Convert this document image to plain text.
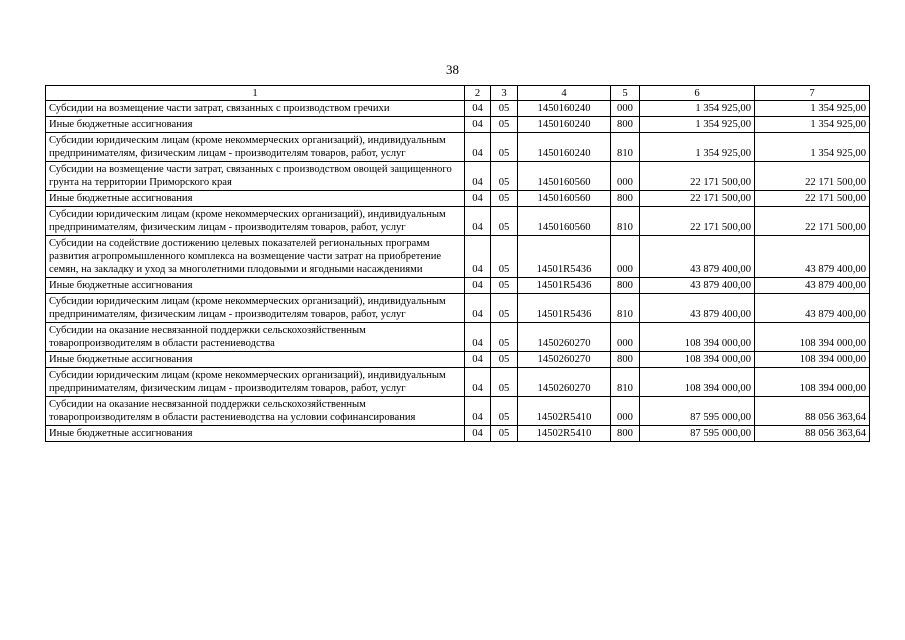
38
1	2	3	4	5	6	7
Субсидии на возмещение части затрат, связанных с производством гречихи	04	05	1450160240	000	1 354 925,00	1 354 925,00
Иные бюджетные ассигнования	04	05	1450160240	800	1 354 925,00	1 354 925,00
Субсидии юридическим лицам (кроме некоммерческих организаций), индивидуальным предпринимателям, физическим лицам - производителям товаров, работ, услуг	04	05	1450160240	810	1 354 925,00	1 354 925,00
Субсидии на возмещение части затрат, связанных с производством овощей защищенного грунта на территории Приморского края	04	05	1450160560	000	22 171 500,00	22 171 500,00
Иные бюджетные ассигнования	04	05	1450160560	800	22 171 500,00	22 171 500,00
Субсидии юридическим лицам (кроме некоммерческих организаций), индивидуальным предпринимателям, физическим лицам - производителям товаров, работ, услуг	04	05	1450160560	810	22 171 500,00	22 171 500,00
Субсидии на содействие достижению целевых показателей региональных программ развития агропромышленного комплекса на возмещение части затрат на приобретение семян, на закладку и уход за многолетними плодовыми и ягодными насаждениями	04	05	14501R5436	000	43 879 400,00	43 879 400,00
Иные бюджетные ассигнования	04	05	14501R5436	800	43 879 400,00	43 879 400,00
Субсидии юридическим лицам (кроме некоммерческих организаций), индивидуальным предпринимателям, физическим лицам - производителям товаров, работ, услуг	04	05	14501R5436	810	43 879 400,00	43 879 400,00
Субсидии на оказание несвязанной поддержки сельскохозяйственным товаропроизводителям в области растениеводства	04	05	1450260270	000	108 394 000,00	108 394 000,00
Иные бюджетные ассигнования	04	05	1450260270	800	108 394 000,00	108 394 000,00
Субсидии юридическим лицам (кроме некоммерческих организаций), индивидуальным предпринимателям, физическим лицам - производителям товаров, работ, услуг	04	05	1450260270	810	108 394 000,00	108 394 000,00
Субсидии на оказание несвязанной поддержки сельскохозяйственным товаропроизводителям в области растениеводства на условии софинансирования	04	05	14502R5410	000	87 595 000,00	88 056 363,64
Иные бюджетные ассигнования	04	05	14502R5410	800	87 595 000,00	88 056 363,64
